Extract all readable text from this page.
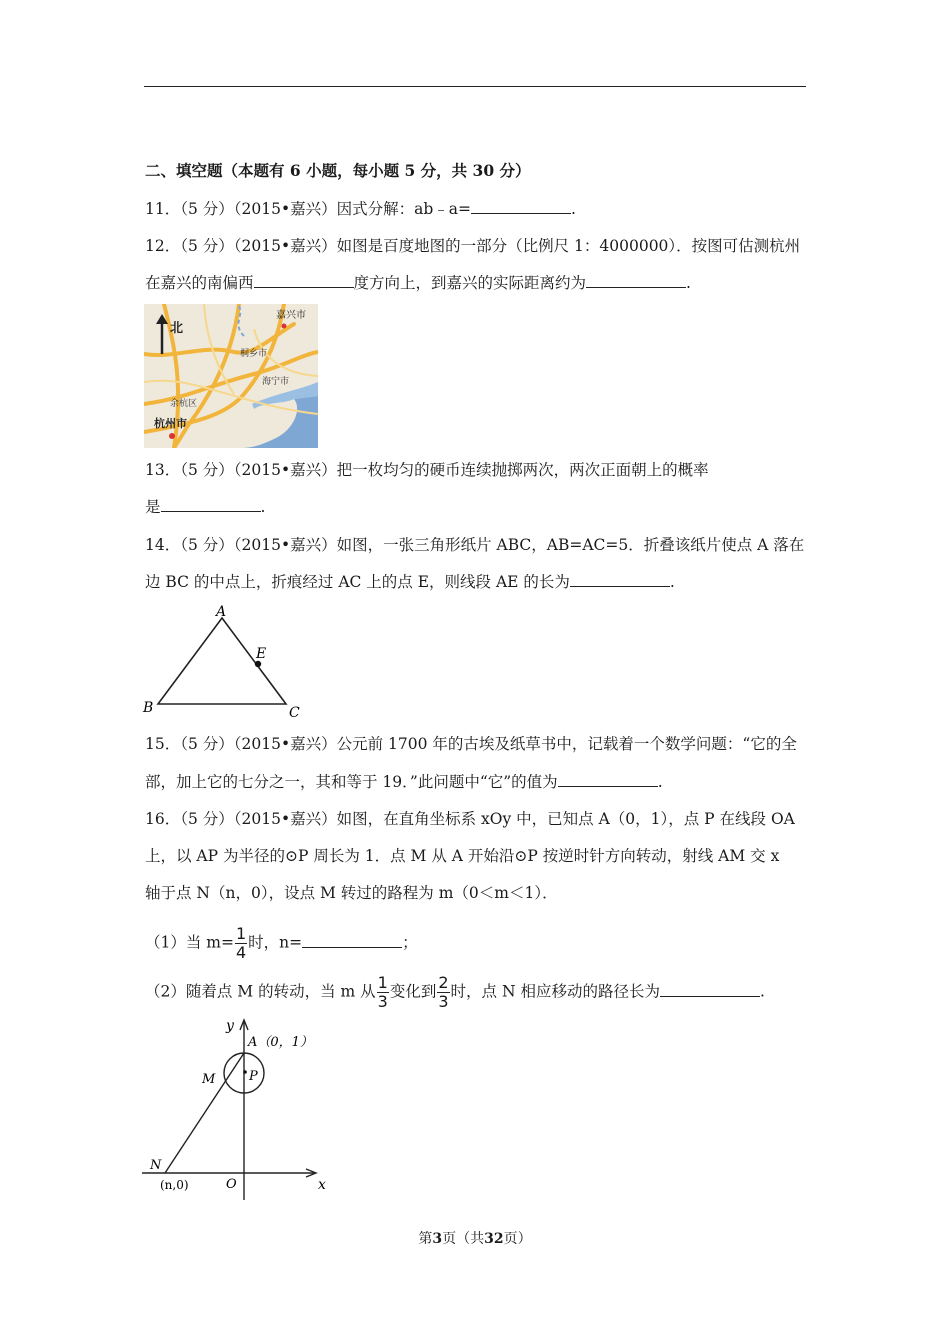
二、填空题（本题有 6 小题，每小题 5 分，共 30 分）
11．（5 分）（2015•嘉兴）因式分解：ab﹣a=	.
12．（5 分）（2015•嘉兴）如图是百度地图的一部分（比例尺 1：4000000）．按图可估测杭州
在嘉兴的南偏西	度方向上，到嘉兴的实际距离约为	.
北
嘉兴市
桐乡市
海宁市
余杭区
杭州市
13．（5 分）（2015•嘉兴）把一枚均匀的硬币连续抛掷两次，两次正面朝上的概率
是	.
14．（5 分）（2015•嘉兴）如图，一张三角形纸片 ABC，AB=AC=5．折叠该纸片使点 A 落在
边 BC 的中点上，折痕经过 AC 上的点 E，则线段 AE 的长为	.
A
E
B	C
15．（5 分）（2015•嘉兴）公元前 1700 年的古埃及纸草书中，记载着一个数学问题：“它的全
部，加上它的七分之一，其和等于 19．”此问题中“它”的值为	.
16．（5 分）（2015•嘉兴）如图，在直角坐标系 xOy 中，已知点 A（0，1），点 P 在线段 OA
上，以 AP 为半径的⊙P 周长为 1．点 M 从 A 开始沿⊙P 按逆时针方向转动，射线 AM 交 x
轴于点 N（n，0），设点 M 转过的路程为 m（0＜m＜1）．
（1）当 $m= \frac{1}{4}$ 时，n=	；
（2）随着点 M 的转动，当 m 从 $\frac{1}{3}$ 变化到 $\frac{2}{3}$ 时，点 N 相应移动的路径长为	.
y
x
A（0，1）
P
M
N
O
(n,0)
第3页（共32页）
